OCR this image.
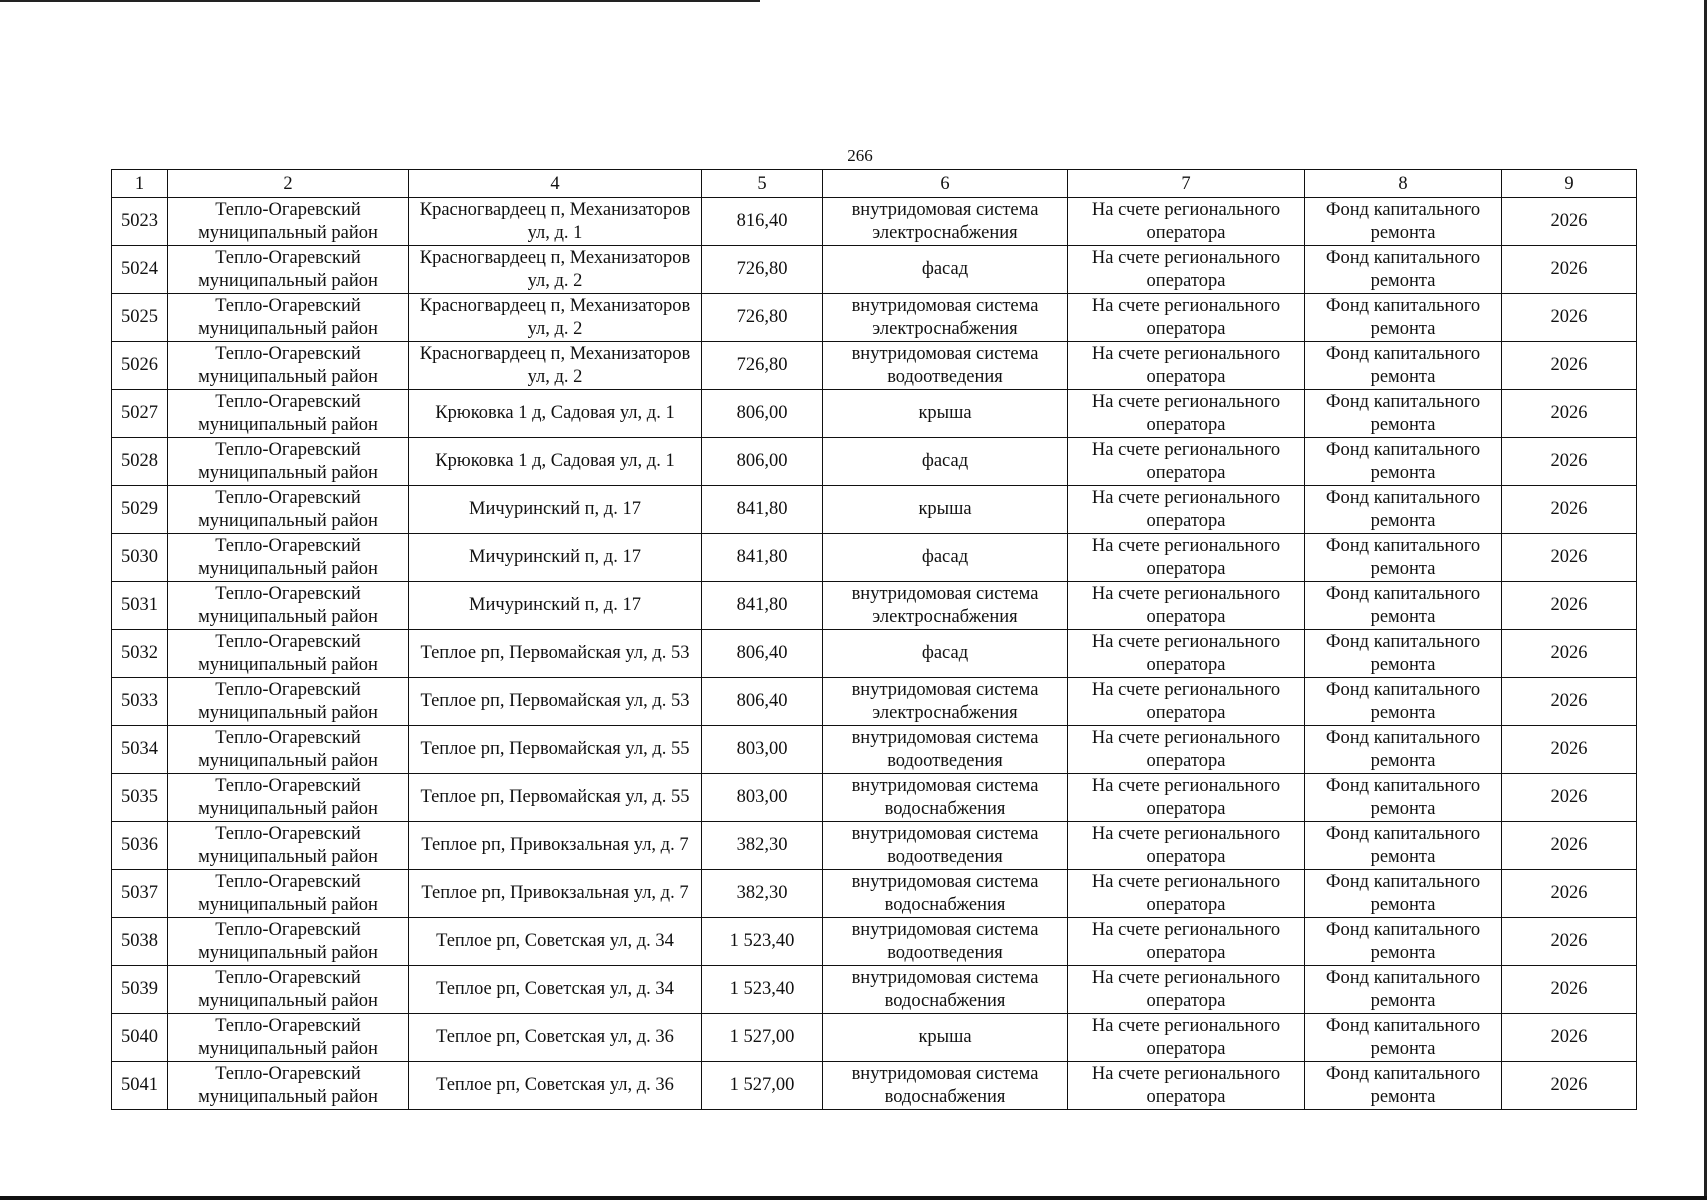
266
1	2	4	5	6	7	8	9
5023	Тепло-Огаревский муниципальный район	Красногвардеец п, Механизаторов ул, д. 1	816,40	внутридомовая система электроснабжения	На счете регионального оператора	Фонд капитального ремонта	2026
5024	Тепло-Огаревский муниципальный район	Красногвардеец п, Механизаторов ул, д. 2	726,80	фасад	На счете регионального оператора	Фонд капитального ремонта	2026
5025	Тепло-Огаревский муниципальный район	Красногвардеец п, Механизаторов ул, д. 2	726,80	внутридомовая система электроснабжения	На счете регионального оператора	Фонд капитального ремонта	2026
5026	Тепло-Огаревский муниципальный район	Красногвардеец п, Механизаторов ул, д. 2	726,80	внутридомовая система водоотведения	На счете регионального оператора	Фонд капитального ремонта	2026
5027	Тепло-Огаревский муниципальный район	Крюковка 1 д, Садовая ул, д. 1	806,00	крыша	На счете регионального оператора	Фонд капитального ремонта	2026
5028	Тепло-Огаревский муниципальный район	Крюковка 1 д, Садовая ул, д. 1	806,00	фасад	На счете регионального оператора	Фонд капитального ремонта	2026
5029	Тепло-Огаревский муниципальный район	Мичуринский п, д. 17	841,80	крыша	На счете регионального оператора	Фонд капитального ремонта	2026
5030	Тепло-Огаревский муниципальный район	Мичуринский п, д. 17	841,80	фасад	На счете регионального оператора	Фонд капитального ремонта	2026
5031	Тепло-Огаревский муниципальный район	Мичуринский п, д. 17	841,80	внутридомовая система электроснабжения	На счете регионального оператора	Фонд капитального ремонта	2026
5032	Тепло-Огаревский муниципальный район	Теплое рп, Первомайская ул, д. 53	806,40	фасад	На счете регионального оператора	Фонд капитального ремонта	2026
5033	Тепло-Огаревский муниципальный район	Теплое рп, Первомайская ул, д. 53	806,40	внутридомовая система электроснабжения	На счете регионального оператора	Фонд капитального ремонта	2026
5034	Тепло-Огаревский муниципальный район	Теплое рп, Первомайская ул, д. 55	803,00	внутридомовая система водоотведения	На счете регионального оператора	Фонд капитального ремонта	2026
5035	Тепло-Огаревский муниципальный район	Теплое рп, Первомайская ул, д. 55	803,00	внутридомовая система водоснабжения	На счете регионального оператора	Фонд капитального ремонта	2026
5036	Тепло-Огаревский муниципальный район	Теплое рп, Привокзальная ул, д. 7	382,30	внутридомовая система водоотведения	На счете регионального оператора	Фонд капитального ремонта	2026
5037	Тепло-Огаревский муниципальный район	Теплое рп, Привокзальная ул, д. 7	382,30	внутридомовая система водоснабжения	На счете регионального оператора	Фонд капитального ремонта	2026
5038	Тепло-Огаревский муниципальный район	Теплое рп, Советская ул, д. 34	1 523,40	внутридомовая система водоотведения	На счете регионального оператора	Фонд капитального ремонта	2026
5039	Тепло-Огаревский муниципальный район	Теплое рп, Советская ул, д. 34	1 523,40	внутридомовая система водоснабжения	На счете регионального оператора	Фонд капитального ремонта	2026
5040	Тепло-Огаревский муниципальный район	Теплое рп, Советская ул, д. 36	1 527,00	крыша	На счете регионального оператора	Фонд капитального ремонта	2026
5041	Тепло-Огаревский муниципальный район	Теплое рп, Советская ул, д. 36	1 527,00	внутридомовая система водоснабжения	На счете регионального оператора	Фонд капитального ремонта	2026
